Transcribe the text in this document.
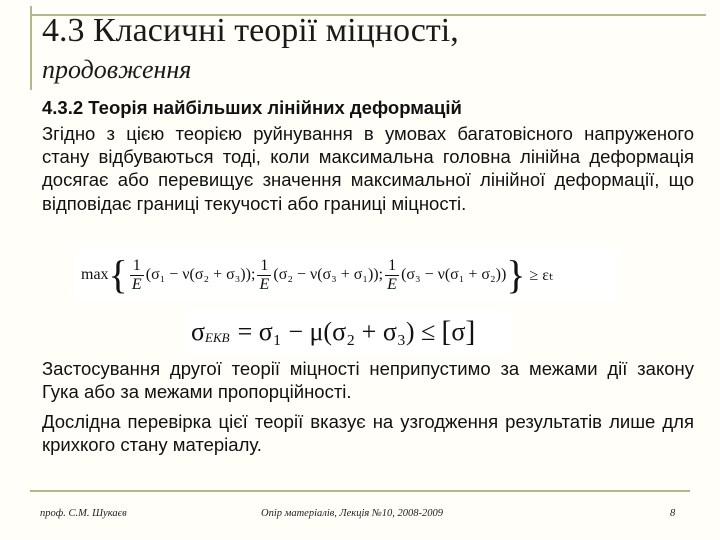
4.3 Класичні теорії міцності,
продовження
4.3.2 Теорія найбільших лінійних деформацій
Згідно з цією теорією руйнування в умовах багатовісного напруженого стану відбуваються тоді, коли максимальна головна лінійна деформація досягає або перевищує значення максимальної лінійної деформації, що відповідає границі текучості або границі міцності.
max { $\frac{1}{E} (\sigma_1 - \nu(\sigma_2 + \sigma_3))$; $\frac{1}{E} (\sigma_2 - \nu(\sigma_3 + \sigma_1))$; $\frac{1}{E} (\sigma_3 - \nu(\sigma_1 + \sigma_2))$ } ≥ εₜ
σ EKB = σ₁ − μ(σ₂ + σ₃) ≤ [ σ ]
Застосування другої теорії міцності неприпустимо за межами дії закону Гука або за межами пропорційності.
Дослідна перевірка цієї теорії вказує на узгодження результатів лише для крихкого стану матеріалу.
проф. С.М. Шукаєв	Опір матеріалів, Лекція №10, 2008-2009	8
